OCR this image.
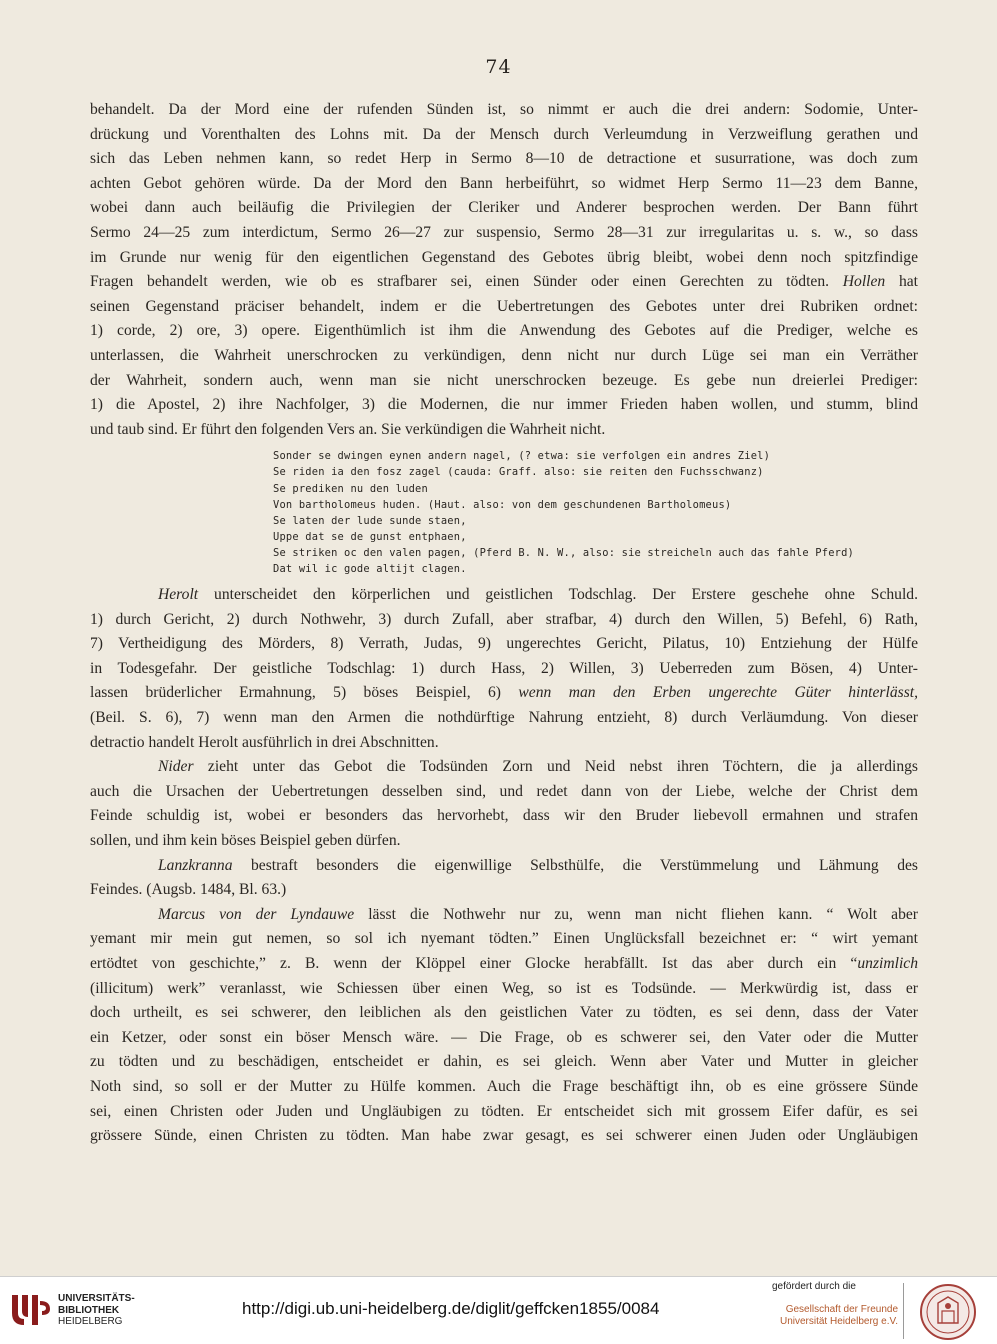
74
behandelt. Da der Mord eine der rufenden Sünden ist, so nimmt er auch die drei andern: Sodomie, Unter-
drückung und Vorenthalten des Lohns mit. Da der Mensch durch Verleumdung in Verzweiflung gerathen und
sich das Leben nehmen kann, so redet Herp in Sermo 8—10 de detractione et susurratione, was doch zum
achten Gebot gehören würde. Da der Mord den Bann herbeiführt, so widmet Herp Sermo 11—23 dem Banne,
wobei dann auch beiläufig die Privilegien der Cleriker und Anderer besprochen werden. Der Bann führt
Sermo 24—25 zum interdictum, Sermo 26—27 zur suspensio, Sermo 28—31 zur irregularitas u. s. w., so dass
im Grunde nur wenig für den eigentlichen Gegenstand des Gebotes übrig bleibt, wobei denn noch spitzfindige
Fragen behandelt werden, wie ob es strafbarer sei, einen Sünder oder einen Gerechten zu tödten. Hollen hat
seinen Gegenstand präciser behandelt, indem er die Uebertretungen des Gebotes unter drei Rubriken ordnet:
1) corde, 2) ore, 3) opere. Eigenthümlich ist ihm die Anwendung des Gebotes auf die Prediger, welche es
unterlassen, die Wahrheit unerschrocken zu verkündigen, denn nicht nur durch Lüge sei man ein Verräther
der Wahrheit, sondern auch, wenn man sie nicht unerschrocken bezeuge. Es gebe nun dreierlei Prediger:
1) die Apostel, 2) ihre Nachfolger, 3) die Modernen, die nur immer Frieden haben wollen, und stumm, blind
und taub sind. Er führt den folgenden Vers an. Sie verkündigen die Wahrheit nicht.
Sonder se dwingen eynen andern nagel, (? etwa: sie verfolgen ein andres Ziel)
Se riden ia den fosz zagel (cauda: Graff. also: sie reiten den Fuchsschwanz)
Se prediken nu den luden
Von bartholomeus huden. (Haut. also: von dem geschundenen Bartholomeus)
Se laten der lude sunde staen,
Uppe dat se de gunst entphaen,
Se striken oc den valen pagen, (Pferd B. N. W., also: sie streicheln auch das fahle Pferd)
Dat wil ic gode altijt clagen.
Herolt unterscheidet den körperlichen und geistlichen Todschlag. Der Erstere geschehe ohne Schuld.
1) durch Gericht, 2) durch Nothwehr, 3) durch Zufall, aber strafbar, 4) durch den Willen, 5) Befehl, 6) Rath,
7) Vertheidigung des Mörders, 8) Verrath, Judas, 9) ungerechtes Gericht, Pilatus, 10) Entziehung der Hülfe
in Todesgefahr. Der geistliche Todschlag: 1) durch Hass, 2) Willen, 3) Ueberreden zum Bösen, 4) Unter-
lassen brüderlicher Ermahnung, 5) böses Beispiel, 6) wenn man den Erben ungerechte Güter hinterlässt,
(Beil. S. 6), 7) wenn man den Armen die nothdürftige Nahrung entzieht, 8) durch Verläumdung. Von dieser
detractio handelt Herolt ausführlich in drei Abschnitten.
Nider zieht unter das Gebot die Todsünden Zorn und Neid nebst ihren Töchtern, die ja allerdings
auch die Ursachen der Uebertretungen desselben sind, und redet dann von der Liebe, welche der Christ dem
Feinde schuldig ist, wobei er besonders das hervorhebt, dass wir den Bruder liebevoll ermahnen und strafen
sollen, und ihm kein böses Beispiel geben dürfen.
Lanzkranna bestraft besonders die eigenwillige Selbsthülfe, die Verstümmelung und Lähmung des
Feindes. (Augsb. 1484, Bl. 63.)
Marcus von der Lyndauwe lässt die Nothwehr nur zu, wenn man nicht fliehen kann. “ Wolt aber
yemant mir mein gut nemen, so sol ich nyemant tödten.” Einen Unglücksfall bezeichnet er: “ wirt yemant
ertödtet von geschichte,” z. B. wenn der Klöppel einer Glocke herabfällt. Ist das aber durch ein “unzimlich
(illicitum) werk” veranlasst, wie Schiessen über einen Weg, so ist es Todsünde. — Merkwürdig ist, dass er
doch urtheilt, es sei schwerer, den leiblichen als den geistlichen Vater zu tödten, es sei denn, dass der Vater
ein Ketzer, oder sonst ein böser Mensch wäre. — Die Frage, ob es schwerer sei, den Vater oder die Mutter
zu tödten und zu beschädigen, entscheidet er dahin, es sei gleich. Wenn aber Vater und Mutter in gleicher
Noth sind, so soll er der Mutter zu Hülfe kommen. Auch die Frage beschäftigt ihn, ob es eine grössere Sünde
sei, einen Christen oder Juden und Ungläubigen zu tödten. Er entscheidet sich mit grossem Eifer dafür, es sei
grössere Sünde, einen Christen zu tödten. Man habe zwar gesagt, es sei schwerer einen Juden oder Ungläubigen
UNIVERSITÄTS-
BIBLIOTHEK
HEIDELBERG
http://digi.ub.uni-heidelberg.de/diglit/geffcken1855/0084
gefördert durch die
Gesellschaft der Freunde
Universität Heidelberg e.V.
